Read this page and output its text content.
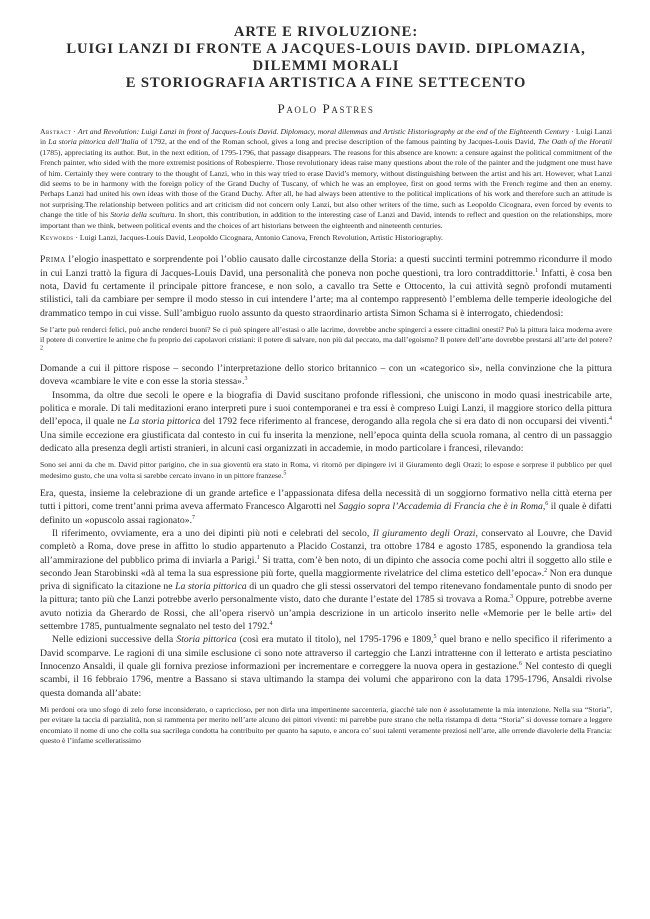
ARTE E RIVOLUZIONE:
LUIGI LANZI DI FRONTE A JACQUES-LOUIS DAVID. DIPLOMAZIA,
DILEMMI MORALI
E STORIOGRAFIA ARTISTICA A FINE SETTECENTO
Paolo Pastres
Abstract · Art and Revolution: Luigi Lanzi in front of Jacques-Louis David. Diplomacy, moral dilemmas and Artistic Historiography at the end of the Eighteenth Century · Luigi Lanzi in La storia pittorica dell’Italia of 1792, at the end of the Roman school, gives a long and precise description of the famous painting by Jacques-Louis David, The Oath of the Horatii (1785), appreciating its author. But, in the next edition, of 1795-1796, that passage disappears. The reasons for this absence are known: a censure against the political commitment of the French painter, who sided with the more extremist positions of Robespierre. Those revolutionary ideas raise many questions about the role of the painter and the judgment one must have of him. Certainly they were contrary to the thought of Lanzi, who in this way tried to erase David’s memory, without distinguishing between the artist and his art. However, what Lanzi did seems to be in harmony with the foreign policy of the Grand Duchy of Tuscany, of which he was an employee, first on good terms with the French regime and then an enemy. Perhaps Lanzi had united his own ideas with those of the Grand Duchy. After all, he had always been attentive to the political implications of his work and therefore such an attitude is not surprising.The relationship between politics and art criticism did not concern only Lanzi, but also other writers of the time, such as Leopoldo Cicognara, even forced by events to change the title of his Storia della scultura. In short, this contribution, in addition to the interesting case of Lanzi and David, intends to reflect and question on the relationships, more important than we think, between political events and the choices of art historians between the eighteenth and nineteenth centuries.
Keywords · Luigi Lanzi, Jacques-Louis David, Leopoldo Cicognara, Antonio Canova, French Revolution, Artistic Historiography.

Prima l’elogio inaspettato e sorprendente poi l’oblio causato dalle circostanze della Storia: a questi succinti termini potremmo ricondurre il modo in cui Lanzi trattò la figura di Jacques-Louis David, una personalità che poneva non poche questioni, tra loro contraddittorie.$^1$ Infatti, è cosa ben nota, David fu certamente il principale pittore francese, e non solo, a cavallo tra Sette e Ottocento, la cui attività segnò profondi mutamenti stilistici, tali da cambiare per sempre il modo stesso in cui intendere l’arte; ma al contempo rappresentò l’emblema delle temperie ideologiche del drammatico tempo in cui visse. Sull’ambiguo ruolo assunto da questo straordinario artista Simon Schama si è interrogato, chiedendosi:

Se l’arte può renderci felici, può anche renderci buoni? Se ci può spingere all’estasi o alle lacrime, dovrebbe anche spingerci a essere cittadini onesti? Può la pittura laica moderna avere il potere di convertire le anime che fu proprio dei capolavori cristiani: il potere di salvare, non più dal peccato, ma dall’egoismo? Il potere dell’arte dovrebbe prestarsi all’arte del potere?$^2$

Domande a cui il pittore rispose – secondo l’interpretazione dello storico britannico – con un «categorico sì», nella convinzione che la pittura doveva «cambiare le vite e con esse la storia stessa».$^3$

Insomma, da oltre due secoli le opere e la biografia di David suscitano profonde riflessioni, che uniscono in modo quasi inestricabile arte, politica e morale. Di tali meditazioni erano interpreti pure i suoi contemporanei e tra essi è compreso Luigi Lanzi, il maggiore storico della pittura dell’epoca, il quale ne La storia pittorica del 1792 fece riferimento al francese, derogando alla regola che si era dato di non occuparsi dei viventi.$^4$ Una simile eccezione era giustificata dal contesto in cui fu inserita la menzione, nell’epoca quinta della scuola romana, al centro di un passaggio dedicato alla presenza degli artisti stranieri, in alcuni casi organizzati in accademie, in modo particolare i francesi, rilevando:

Sono sei anni da che m. David pittor parigino, che in sua gioventù era stato in Roma, vi ritornò per dipingere ivi il Giuramento degli Orazi; lo espose e sorprese il pubblico per quel medesimo gusto, che una volta si sarebbe cercato invano in un pittore franzese.$^5$

Era, questa, insieme la celebrazione di un grande artefice e l’appassionata difesa della necessità di un soggiorno formativo nella città eterna per tutti i pittori, come trent’anni prima aveva affermato Francesco Algarotti nel Saggio sopra l’Accademia di Francia che è in Roma,$^6$ il quale è difatti definito un «opuscolo assai ragionato».$^7$

Il riferimento, ovviamente, era a uno dei dipinti più noti e celebrati del secolo, Il giuramento degli Orazi, conservato al Louvre, che David completò a Roma, dove prese in affitto lo studio appartenuto a Placido Costanzi, tra ottobre 1784 e agosto 1785, esponendo la grandiosa tela all’ammirazione del pubblico prima di inviarla a Parigi.$^1$ Si tratta, com’è ben noto, di un dipinto che associa come pochi altri il soggetto allo stile e secondo Jean Starobinski «dà al tema la sua espressione più forte, quella maggiormente rivelatrice del clima estetico dell’epoca».$^2$ Non era dunque priva di significato la citazione ne La storia pittorica di un quadro che gli stessi osservatori del tempo ritenevano fondamentale punto di snodo per la pittura; tanto più che Lanzi potrebbe averlo personalmente visto, dato che durante l’estate del 1785 si trovava a Roma.$^3$ Oppure, potrebbe averne avuto notizia da Gherardo de Rossi, che all’opera riservò un’ampia descrizione in un articolo inserito nelle «Memorie per le belle arti» del settembre 1785, puntualmente segnalato nel testo del 1792.$^4$

Nelle edizioni successive della Storia pittorica (così era mutato il titolo), nel 1795-1796 e 1809,$^5$ quel brano e nello specifico il riferimento a David scomparve. Le ragioni di una simile esclusione ci sono note attraverso il carteggio che Lanzi intratteнne con il letterato e artista pesciatino Innocenzo Ansaldi, il quale gli forniva preziose informazioni per incrementare e correggere la nuova opera in gestazione.$^6$ Nel contesto di quegli scambi, il 16 febbraio 1796, mentre a Bassano si stava ultimando la stampa dei volumi che apparirono con la data 1795-1796, Ansaldi rivolse questa domanda all’abate:

Mi perdoni ora uno sfogo di zelo forse inconsiderato, o capriccioso, per non dirla una impertinente saccenteria, giacché tale non è assolutamente la mia intenzione. Nella sua “Storia”, per evitare la taccia di parzialità, non si rammenta per merito nell’arte alcuno dei pittori viventi: mi parrebbe pure strano che nella ristampa di detta “Storia” si dovesse tornare a leggere encomiato il nome di uno che colla sua sacrilega condotta ha contribuito per quanto ha saputo, e ancora co’ suoi talenti veramente preziosi nell’arte, alle orrende diavolerie della Francia: questo è l’infame scelleratissimo
